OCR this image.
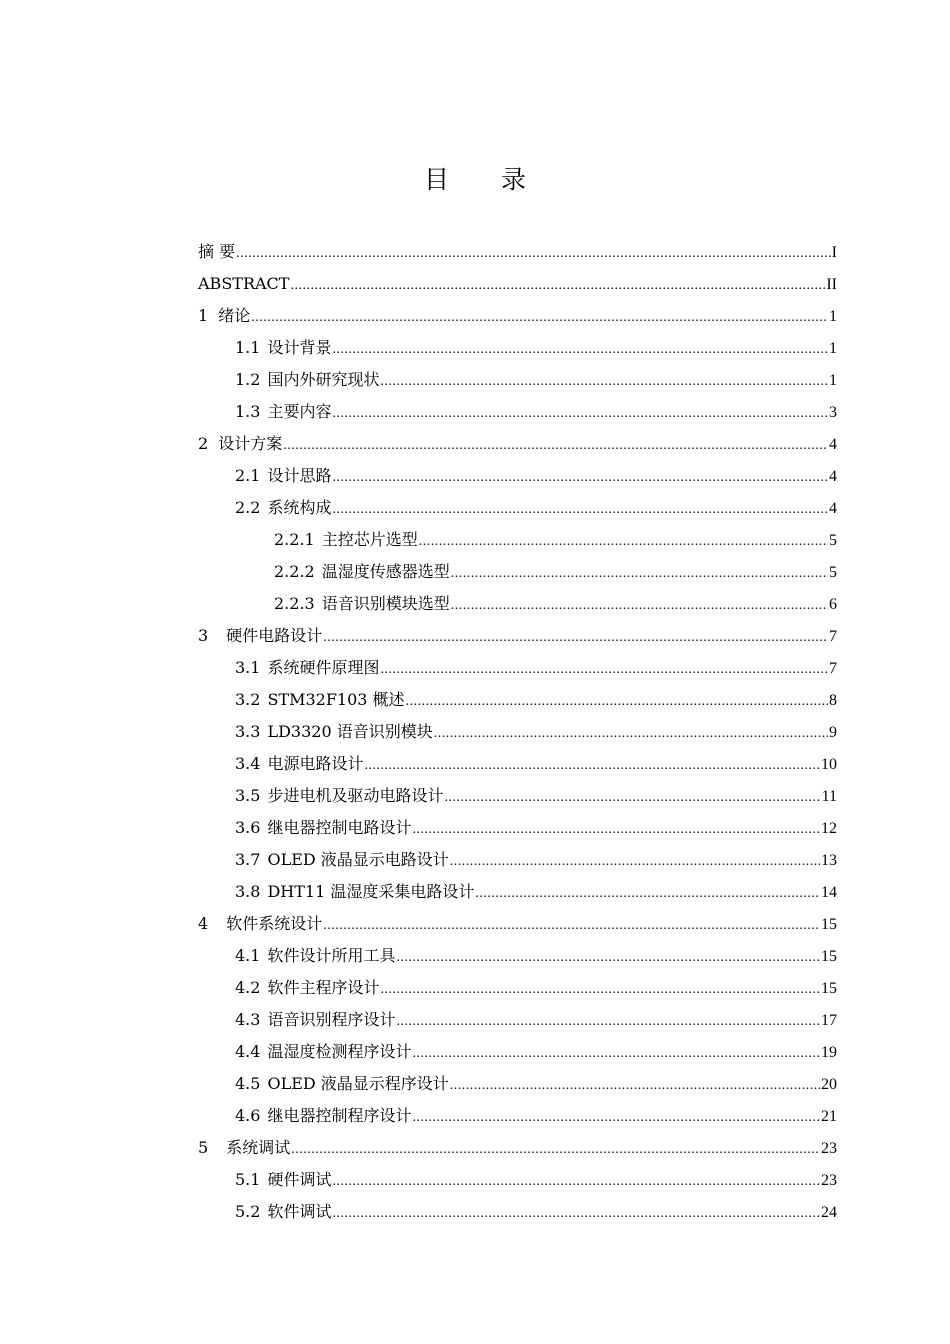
目 录
摘 要 .....	I
ABSTRACT .....	II
1 绪论 .....	1
1.1 设计背景 .....	1
1.2 国内外研究现状 .....	1
1.3 主要内容 .....	3
2 设计方案 .....	4
2.1 设计思路 .....	4
2.2 系统构成 .....	4
2.2.1 主控芯片选型 .....	5
2.2.2 温湿度传感器选型 .....	5
2.2.3 语音识别模块选型 .....	6
3 硬件电路设计 .....	7
3.1 系统硬件原理图 .....	7
3.2 STM32F103 概述 .....	8
3.3 LD3320 语音识别模块 .....	9
3.4 电源电路设计 .....	10
3.5 步进电机及驱动电路设计 .....	11
3.6 继电器控制电路设计 .....	12
3.7 OLED 液晶显示电路设计 .....	13
3.8 DHT11 温湿度采集电路设计 .....	14
4 软件系统设计 .....	15
4.1 软件设计所用工具 .....	15
4.2 软件主程序设计 .....	15
4.3 语音识别程序设计 .....	17
4.4 温湿度检测程序设计 .....	19
4.5 OLED 液晶显示程序设计 .....	20
4.6 继电器控制程序设计 .....	21
5 系统调试 .....	23
5.1 硬件调试 .....	23
5.2 软件调试 .....	24
